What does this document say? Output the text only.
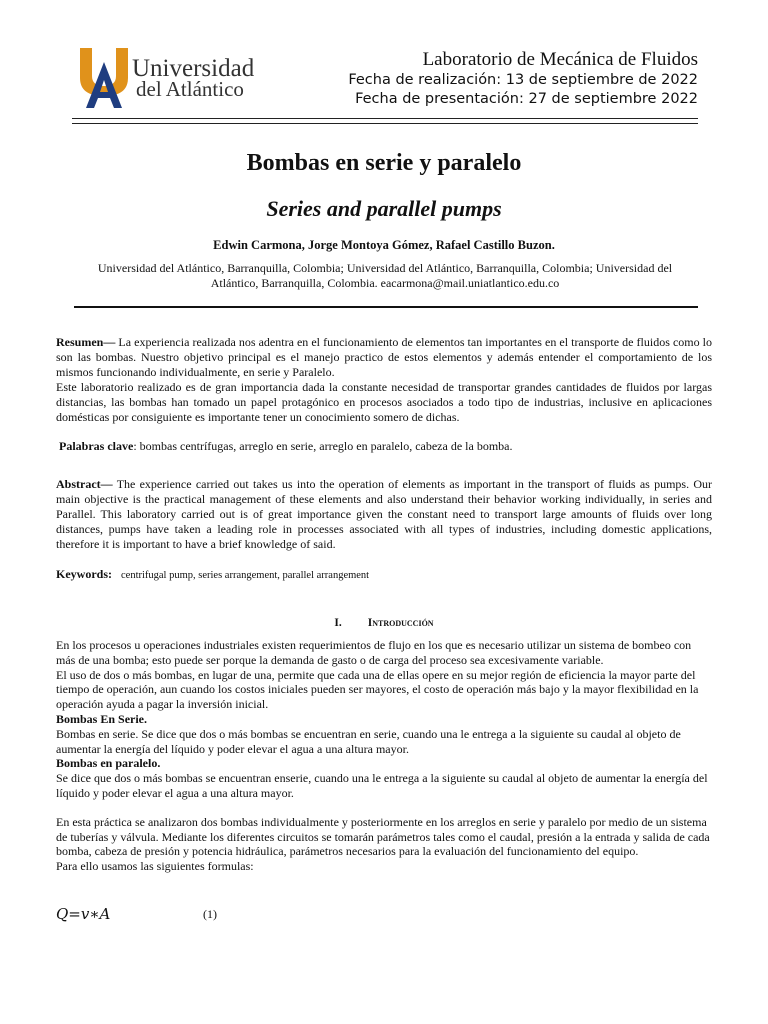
Universidad
del Atlántico
Laboratorio de Mecánica de Fluidos
Fecha de realización: 13 de septiembre de 2022
Fecha de presentación: 27 de septiembre 2022
Bombas en serie y paralelo
Series and parallel pumps
Edwin Carmona, Jorge Montoya Gómez, Rafael Castillo Buzon.
Universidad del Atlántico, Barranquilla, Colombia; Universidad del Atlántico, Barranquilla, Colombia; Universidad del Atlántico, Barranquilla, Colombia. eacarmona@mail.uniatlantico.edu.co

Resumen— La experiencia realizada nos adentra en el funcionamiento de elementos tan importantes en el transporte de fluidos como lo son las bombas. Nuestro objetivo principal es el manejo practico de estos elementos y además entender el comportamiento de los mismos funcionando individualmente, en serie y Paralelo.

Este laboratorio realizado es de gran importancia dada la constante necesidad de transportar grandes cantidades de fluidos por largas distancias, las bombas han tomado un papel protagónico en procesos asociados a todo tipo de industrias, inclusive en aplicaciones domésticas por consiguiente es importante tener un conocimiento somero de dichas.

Palabras clave: bombas centrífugas, arreglo en serie, arreglo en paralelo, cabeza de la bomba.

Abstract— The experience carried out takes us into the operation of elements as important in the transport of fluids as pumps. Our main objective is the practical management of these elements and also understand their behavior working individually, in series and Parallel. This laboratory carried out is of great importance given the constant need to transport large amounts of fluids over long distances, pumps have taken a leading role in processes associated with all types of industries, including domestic applications, therefore it is important to have a brief knowledge of said.

Keywords: centrifugal pump, series arrangement, parallel arrangement

I. Introducción

En los procesos u operaciones industriales existen requerimientos de flujo en los que es necesario utilizar un sistema de bombeo con más de una bomba; esto puede ser porque la demanda de gasto o de carga del proceso sea excesivamente variable.

El uso de dos o más bombas, en lugar de una, permite que cada una de ellas opere en su mejor región de eficiencia la mayor parte del tiempo de operación, aun cuando los costos iniciales pueden ser mayores, el costo de operación más bajo y la mayor flexibilidad en la operación ayuda a pagar la inversión inicial.

Bombas En Serie.

Bombas en serie. Se dice que dos o más bombas se encuentran en serie, cuando una le entrega a la siguiente su caudal al objeto de aumentar la energía del líquido y poder elevar el agua a una altura mayor.

Bombas en paralelo.

Se dice que dos o más bombas se encuentran enserie, cuando una le entrega a la siguiente su caudal al objeto de aumentar la energía del líquido y poder elevar el agua a una altura mayor.

En esta práctica se analizaron dos bombas individualmente y posteriormente en los arreglos en serie y paralelo por medio de un sistema de tuberías y válvula. Mediante los diferentes circuitos se tomarán parámetros tales como el caudal, presión a la entrada y salida de cada bomba, cabeza de presión y potencia hidráulica, parámetros necesarios para la evaluación del funcionamiento del equipo.

Para ello usamos las siguientes formulas:

Q=v∗A	(1)
